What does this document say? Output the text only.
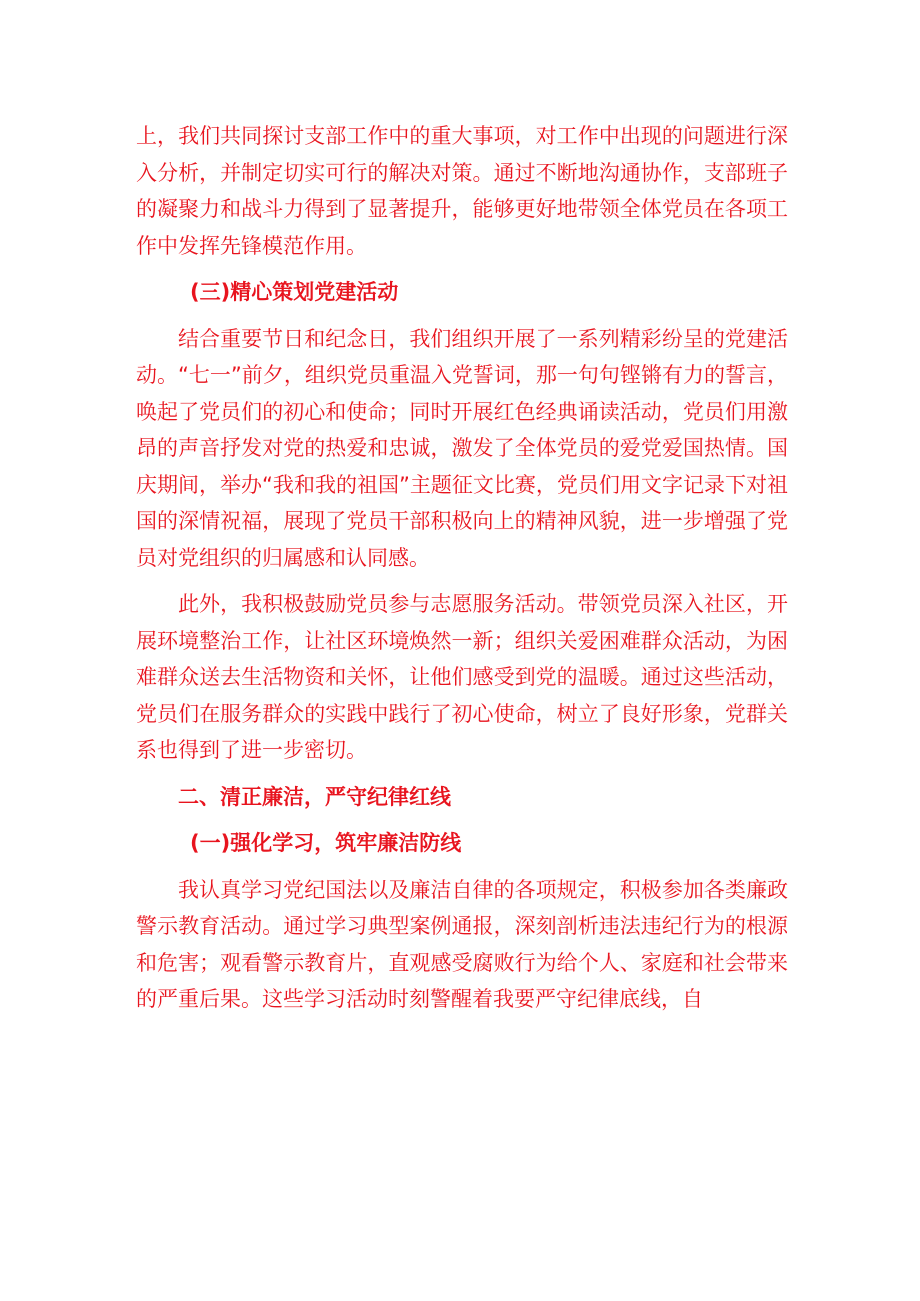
上，我们共同探讨支部工作中的重大事项，对工作中出现的问题进行深入分析，并制定切实可行的解决对策。通过不断地沟通协作，支部班子的凝聚力和战斗力得到了显著提升，能够更好地带领全体党员在各项工作中发挥先锋模范作用。

(三)精心策划党建活动

结合重要节日和纪念日，我们组织开展了一系列精彩纷呈的党建活动。“七一”前夕，组织党员重温入党誓词，那一句句铿锵有力的誓言，唤起了党员们的初心和使命；同时开展红色经典诵读活动，党员们用激昂的声音抒发对党的热爱和忠诚，激发了全体党员的爱党爱国热情。国庆期间，举办“我和我的祖国”主题征文比赛，党员们用文字记录下对祖国的深情祝福，展现了党员干部积极向上的精神风貌，进一步增强了党员对党组织的归属感和认同感。

此外，我积极鼓励党员参与志愿服务活动。带领党员深入社区，开展环境整治工作，让社区环境焕然一新；组织关爱困难群众活动，为困难群众送去生活物资和关怀，让他们感受到党的温暖。通过这些活动，党员们在服务群众的实践中践行了初心使命，树立了良好形象，党群关系也得到了进一步密切。

二、清正廉洁，严守纪律红线

(一)强化学习，筑牢廉洁防线

我认真学习党纪国法以及廉洁自律的各项规定，积极参加各类廉政警示教育活动。通过学习典型案例通报，深刻剖析违法违纪行为的根源和危害；观看警示教育片，直观感受腐败行为给个人、家庭和社会带来的严重后果。这些学习活动时刻警醒着我要严守纪律底线，自
